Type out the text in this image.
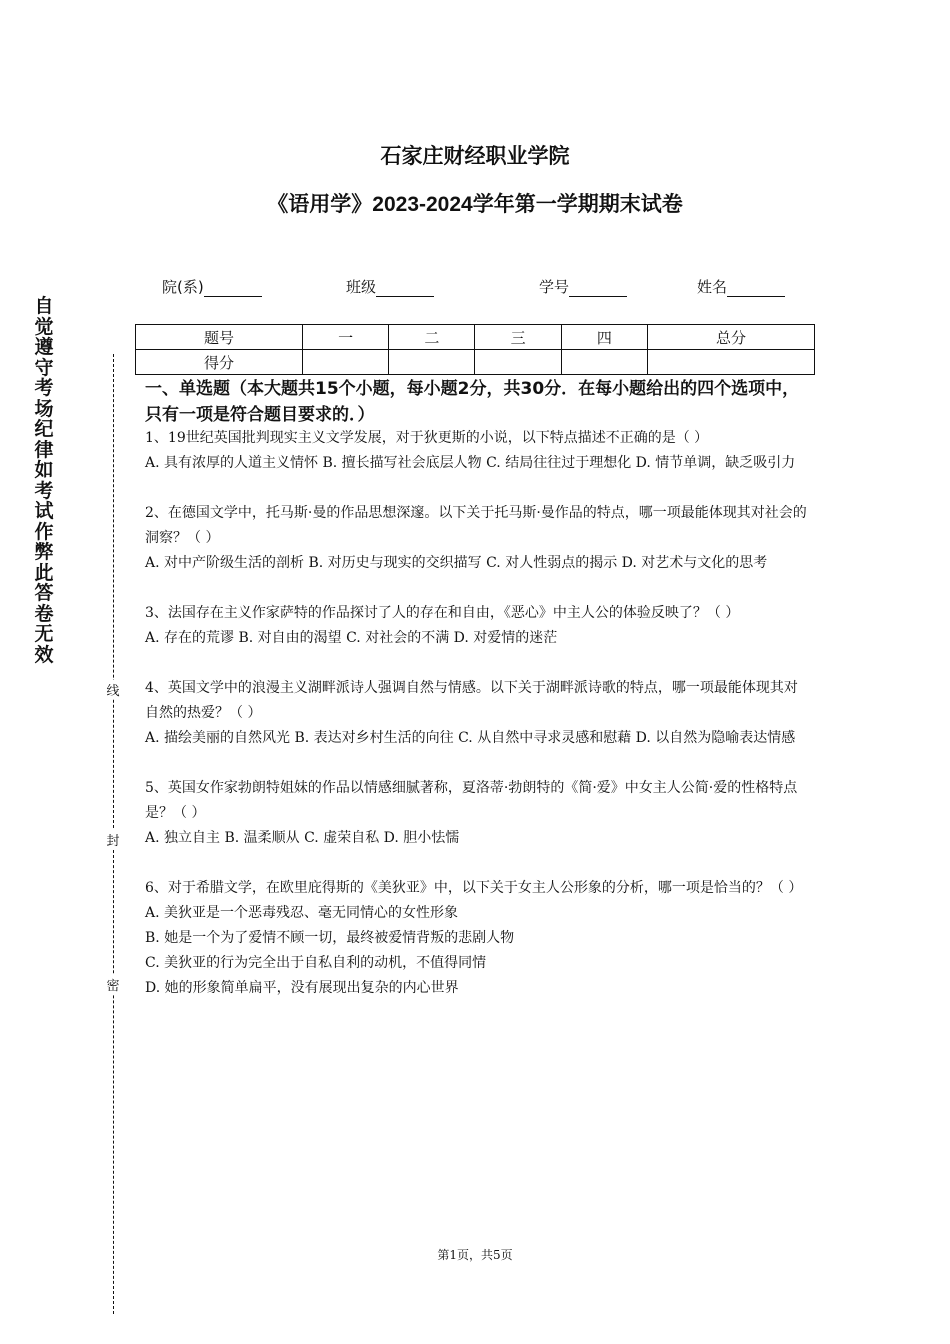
石家庄财经职业学院
《语用学》2023-2024学年第一学期期末试卷
院(系)	班级	学号	姓名
题号	一	二	三	四	总分
得分					
自觉遵守考场纪律如考试作弊此答卷无效
线
封
密
一、单选题（本大题共15个小题，每小题2分，共30分．在每小题给出的四个选项中，只有一项是符合题目要求的．）

1、19世纪英国批判现实主义文学发展，对于狄更斯的小说，以下特点描述不正确的是（ ）

A. 具有浓厚的人道主义情怀 B. 擅长描写社会底层人物 C. 结局往往过于理想化 D. 情节单调，缺乏吸引力

2、在德国文学中，托马斯·曼的作品思想深邃。以下关于托马斯·曼作品的特点，哪一项最能体现其对社会的洞察？（ ）

A. 对中产阶级生活的剖析 B. 对历史与现实的交织描写 C. 对人性弱点的揭示 D. 对艺术与文化的思考

3、法国存在主义作家萨特的作品探讨了人的存在和自由，《恶心》中主人公的体验反映了？（ ）

A. 存在的荒谬 B. 对自由的渴望 C. 对社会的不满 D. 对爱情的迷茫

4、英国文学中的浪漫主义湖畔派诗人强调自然与情感。以下关于湖畔派诗歌的特点，哪一项最能体现其对自然的热爱？（ ）

A. 描绘美丽的自然风光 B. 表达对乡村生活的向往 C. 从自然中寻求灵感和慰藉 D. 以自然为隐喻表达情感

5、英国女作家勃朗特姐妹的作品以情感细腻著称，夏洛蒂·勃朗特的《简·爱》中女主人公简·爱的性格特点是？（ ）

A. 独立自主 B. 温柔顺从 C. 虚荣自私 D. 胆小怯懦

6、对于希腊文学，在欧里庇得斯的《美狄亚》中，以下关于女主人公形象的分析，哪一项是恰当的？（ ）

A. 美狄亚是一个恶毒残忍、毫无同情心的女性形象

B. 她是一个为了爱情不顾一切，最终被爱情背叛的悲剧人物

C. 美狄亚的行为完全出于自私自利的动机，不值得同情

D. 她的形象简单扁平，没有展现出复杂的内心世界

第1页，共5页
